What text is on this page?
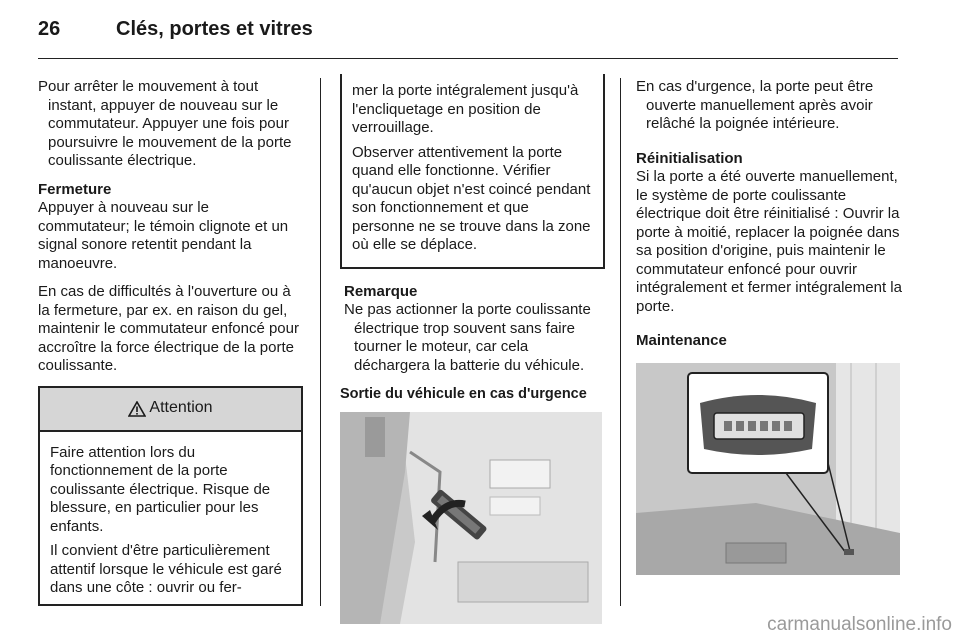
26	Clés, portes et vitres

Pour arrêter le mouvement à tout instant, appuyer de nouveau sur le commutateur. Appuyer une fois pour poursuivre le mouvement de la porte coulissante électrique.

Fermeture

Appuyer à nouveau sur le commutateur; le témoin clignote et un signal sonore retentit pendant la manoeuvre.

En cas de difficultés à l'ouverture ou à la fermeture, par ex. en raison du gel, maintenir le commutateur enfoncé pour accroître la force électrique de la porte coulissante.

Attention

Faire attention lors du fonctionnement de la porte coulissante électrique. Risque de blessure, en particulier pour les enfants.

Il convient d'être particulièrement attentif lorsque le véhicule est garé dans une côte : ouvrir ou fer-

mer la porte intégralement jusqu'à l'encliquetage en position de verrouillage.

Observer attentivement la porte quand elle fonctionne. Vérifier qu'aucun objet n'est coincé pendant son fonctionnement et que personne ne se trouve dans la zone où elle se déplace.

Remarque

Ne pas actionner la porte coulissante électrique trop souvent sans faire tourner le moteur, car cela déchargera la batterie du véhicule.

Sortie du véhicule en cas d'urgence

En cas d'urgence, la porte peut être ouverte manuellement après avoir relâché la poignée intérieure.

Réinitialisation

Si la porte a été ouverte manuellement, le système de porte coulissante électrique doit être réinitialisé : Ouvrir la porte à moitié, replacer la poignée dans sa position d'origine, puis maintenir le commutateur enfoncé pour ouvrir intégralement et fermer intégralement la porte.

Maintenance

carmanualsonline.info
